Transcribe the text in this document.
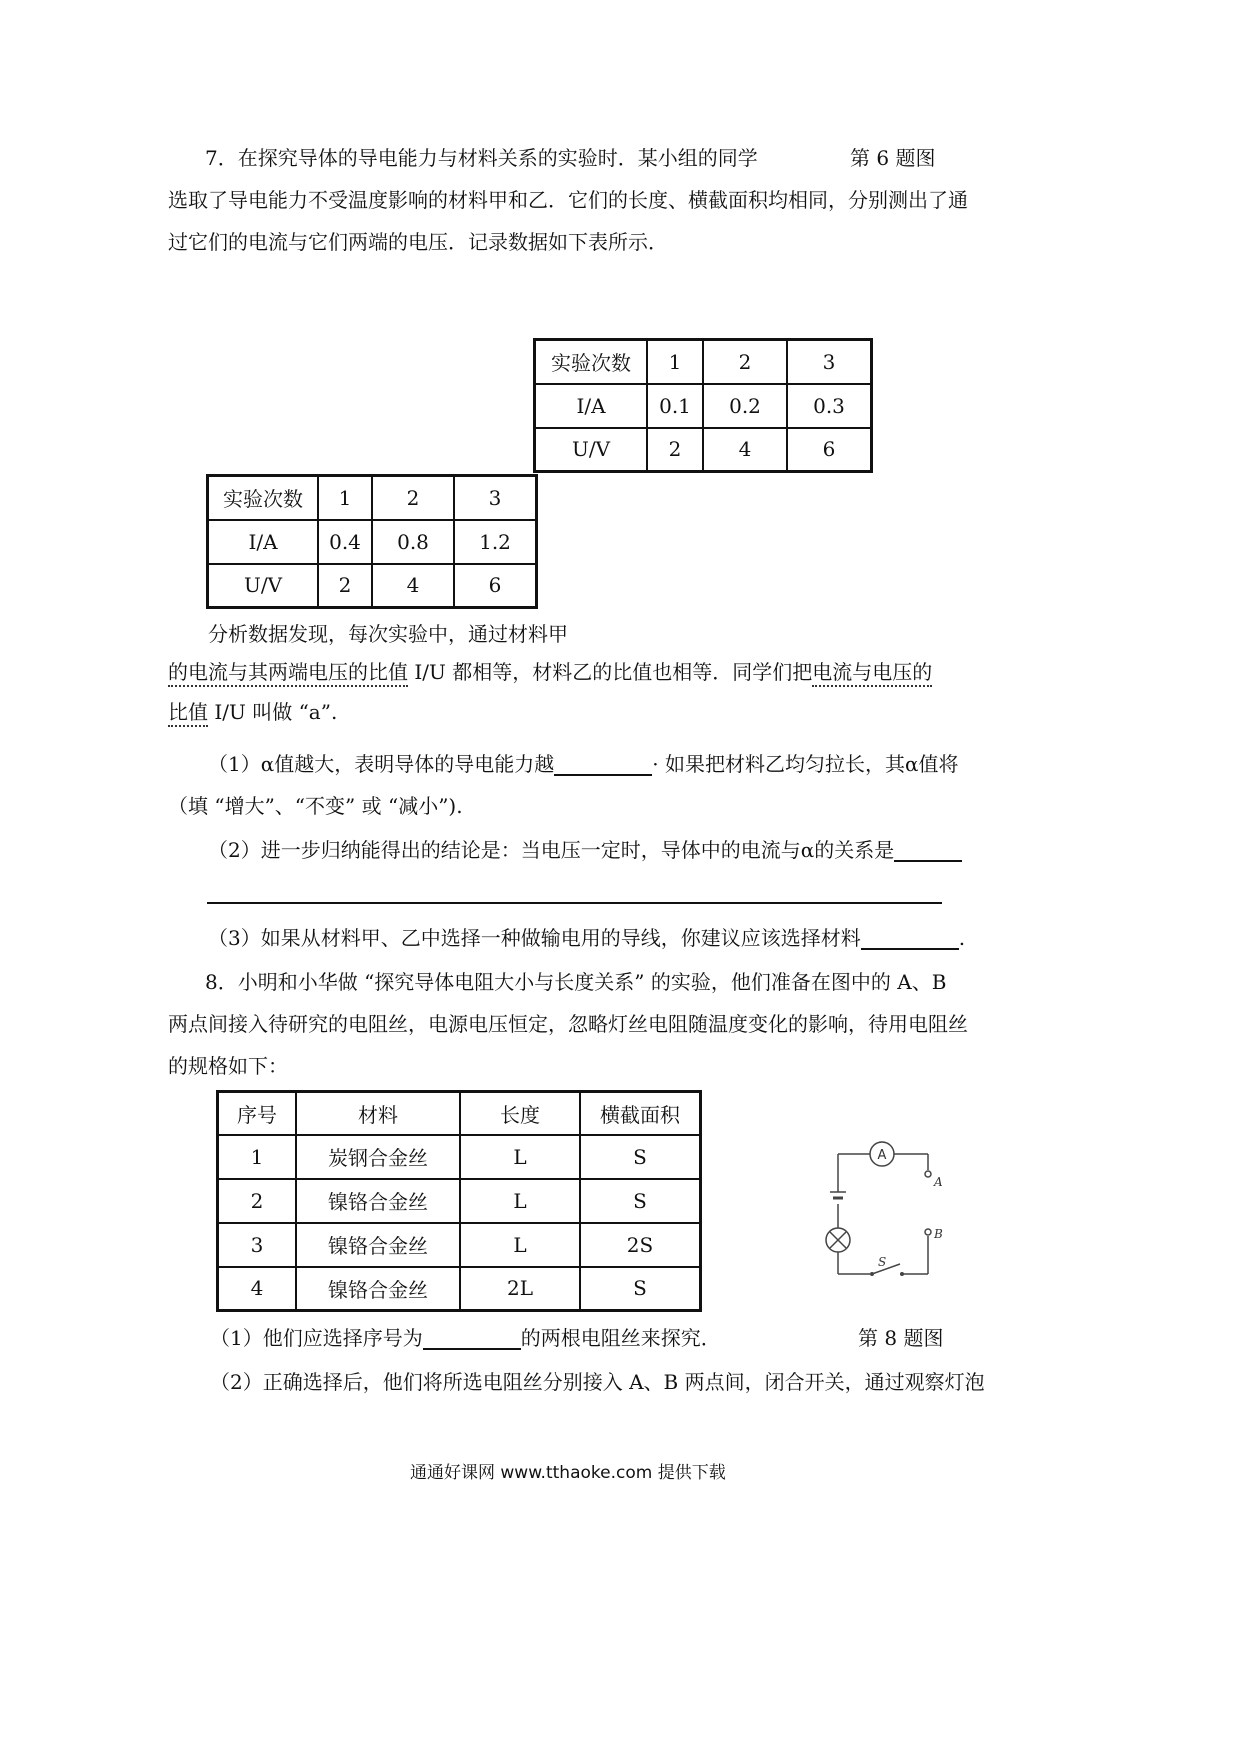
7．在探究导体的导电能力与材料关系的实验时．某小组的同学	第 6 题图
选取了导电能力不受温度影响的材料甲和乙．它们的长度、横截面积均相同，分别测出了通
过它们的电流与它们两端的电压．记录数据如下表所示．
实验次数	1	2	3
I/A	0.1	0.2	0.3
U/V	2	4	6
实验次数	1	2	3
I/A	0.4	0.8	1.2
U/V	2	4	6
分析数据发现，每次实验中，通过材料甲
的电流与其两端电压的比值 I/U 都相等，材料乙的比值也相等．同学们把电流与电压的
比值 I/U 叫做 “a”.
（1）α值越大，表明导体的导电能力越	· 如果把材料乙均匀拉长，其α值将
（填 “增大”、“不变” 或 “减小”).
（2）进一步归纳能得出的结论是：当电压一定时，导体中的电流与α的关系是
（3）如果从材料甲、乙中选择一种做输电用的导线，你建议应该选择材料	.
8．小明和小华做 “探究导体电阻大小与长度关系” 的实验，他们准备在图中的 A、B
两点间接入待研究的电阻丝，电源电压恒定，忽略灯丝电阻随温度变化的影响，待用电阻丝
的规格如下：
序号	材料	长度	横截面积
1	炭钢合金丝	L	S
2	镍铬合金丝	L	S
3	镍铬合金丝	L	2S
4	镍铬合金丝	2L	S
A
A
B
S
（1）他们应选择序号为	的两根电阻丝来探究．	第 8 题图
（2）正确选择后，他们将所选电阻丝分别接入 A、B 两点间，闭合开关，通过观察灯泡
通通好课网 www.tthaoke.com 提供下载
